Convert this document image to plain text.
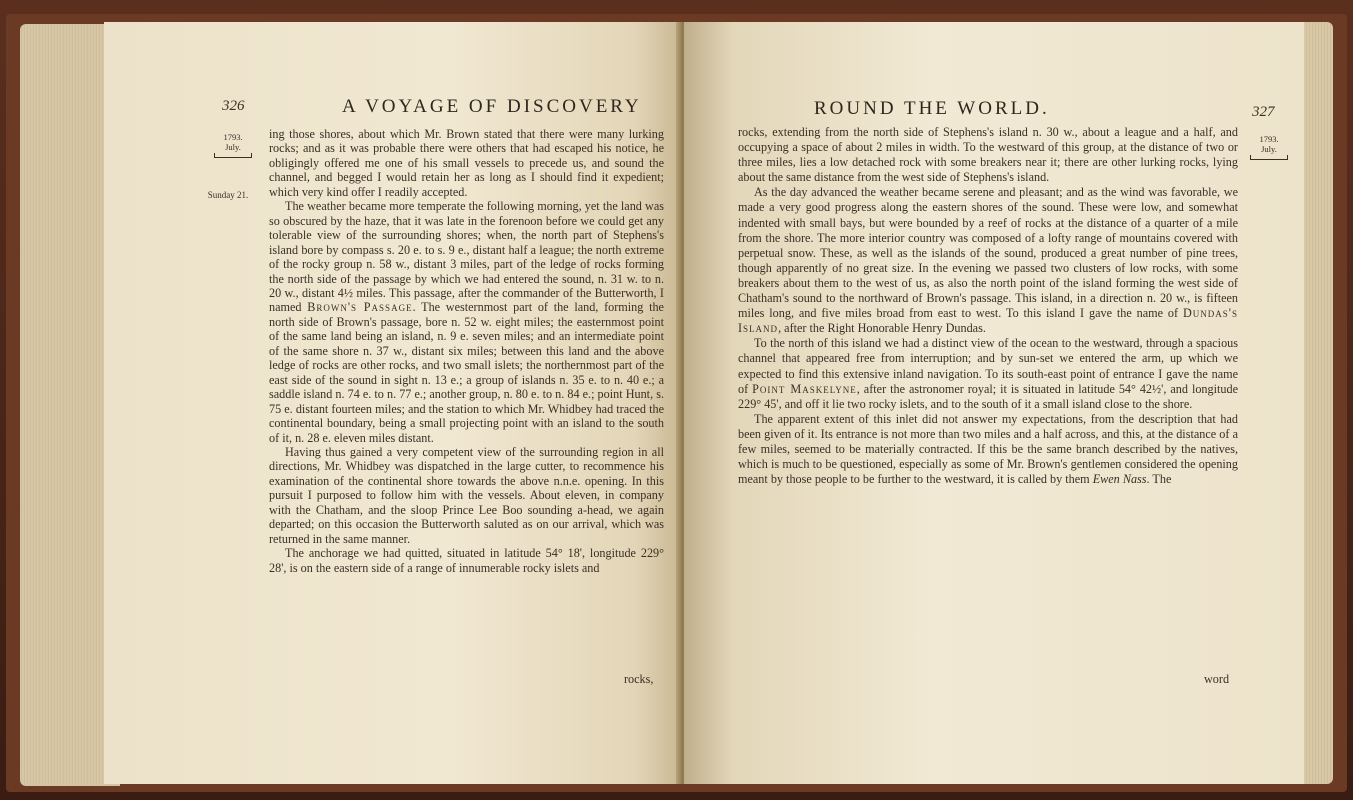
326	A VOYAGE OF DISCOVERY
1793.
July.
Sunday 21.

ing those shores, about which Mr. Brown stated that there were many lurking rocks; and as it was probable there were others that had escaped his notice, he obligingly offered me one of his small vessels to precede us, and sound the channel, and begged I would retain her as long as I should find it expedient; which very kind offer I readily accepted.

The weather became more temperate the following morning, yet the land was so obscured by the haze, that it was late in the forenoon before we could get any tolerable view of the surrounding shores; when, the north part of Stephens's island bore by compass s. 20 e. to s. 9 e., distant half a league; the north extreme of the rocky group n. 58 w., distant 3 miles, part of the ledge of rocks forming the north side of the passage by which we had entered the sound, n. 31 w. to n. 20 w., distant 4½ miles. This passage, after the commander of the Butterworth, I named Brown's Passage. The westernmost part of the land, forming the north side of Brown's passage, bore n. 52 w. eight miles; the easternmost point of the same land being an island, n. 9 e. seven miles; and an intermediate point of the same shore n. 37 w., distant six miles; between this land and the above ledge of rocks are other rocks, and two small islets; the northernmost part of the east side of the sound in sight n. 13 e.; a group of islands n. 35 e. to n. 40 e.; a saddle island n. 74 e. to n. 77 e.; another group, n. 80 e. to n. 84 e.; point Hunt, s. 75 e. distant fourteen miles; and the station to which Mr. Whidbey had traced the continental boundary, being a small projecting point with an island to the south of it, n. 28 e. eleven miles distant.

Having thus gained a very competent view of the surrounding region in all directions, Mr. Whidbey was dispatched in the large cutter, to recommence his examination of the continental shore towards the above n.n.e. opening. In this pursuit I purposed to follow him with the vessels. About eleven, in company with the Chatham, and the sloop Prince Lee Boo sounding a-head, we again departed; on this occasion the Butterworth saluted as on our arrival, which was returned in the same manner.

The anchorage we had quitted, situated in latitude 54° 18', longitude 229° 28', is on the eastern side of a range of innumerable rocky islets and

rocks,
ROUND THE WORLD.	327
1793.
July.

rocks, extending from the north side of Stephens's island n. 30 w., about a league and a half, and occupying a space of about 2 miles in width. To the westward of this group, at the distance of two or three miles, lies a low detached rock with some breakers near it; there are other lurking rocks, lying about the same distance from the west side of Stephens's island.

As the day advanced the weather became serene and pleasant; and as the wind was favorable, we made a very good progress along the eastern shores of the sound. These were low, and somewhat indented with small bays, but were bounded by a reef of rocks at the distance of a quarter of a mile from the shore. The more interior country was composed of a lofty range of mountains covered with perpetual snow. These, as well as the islands of the sound, produced a great number of pine trees, though apparently of no great size. In the evening we passed two clusters of low rocks, with some breakers about them to the west of us, as also the north point of the island forming the west side of Chatham's sound to the northward of Brown's passage. This island, in a direction n. 20 w., is fifteen miles long, and five miles broad from east to west. To this island I gave the name of Dundas's Island, after the Right Honorable Henry Dundas.

To the north of this island we had a distinct view of the ocean to the westward, through a spacious channel that appeared free from interruption; and by sun-set we entered the arm, up which we expected to find this extensive inland navigation. To its south-east point of entrance I gave the name of Point Maskelyne, after the astronomer royal; it is situated in latitude 54° 42½', and longitude 229° 45', and off it lie two rocky islets, and to the south of it a small island close to the shore.

The apparent extent of this inlet did not answer my expectations, from the description that had been given of it. Its entrance is not more than two miles and a half across, and this, at the distance of a few miles, seemed to be materially contracted. If this be the same branch described by the natives, which is much to be questioned, especially as some of Mr. Brown's gentlemen considered the opening meant by those people to be further to the westward, it is called by them Ewen Nass. The

word
